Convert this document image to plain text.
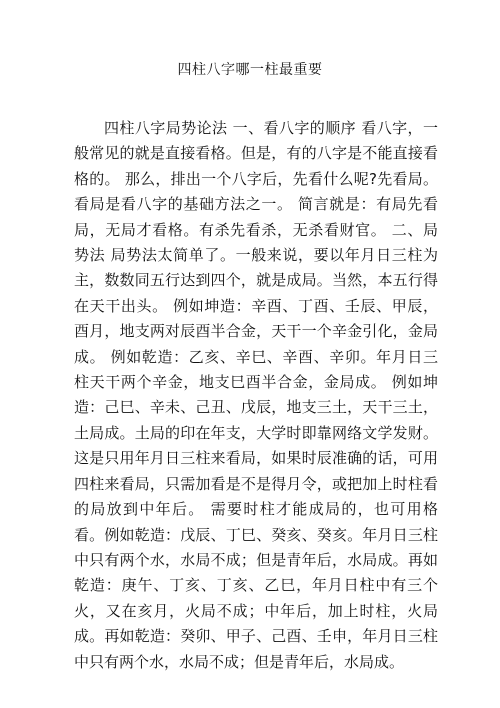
四柱八字哪一柱最重要

四柱八字局势论法 一、看八字的顺序 看八字，一般常见的就是直接看格。但是，有的八字是不能直接看格的。 那么，排出一个八字后，先看什么呢?先看局。 看局是看八字的基础方法之一。 简言就是：有局先看局，无局才看格。有杀先看杀，无杀看财官。 二、局势法 局势法太简单了。一般来说，要以年月日三柱为主，数数同五行达到四个，就是成局。当然，本五行得在天干出头。 例如坤造：辛酉、丁酉、壬辰、甲辰，酉月，地支两对辰酉半合金，天干一个辛金引化，金局成。 例如乾造：乙亥、辛巳、辛酉、辛卯。年月日三柱天干两个辛金，地支巳酉半合金，金局成。 例如坤造：己巳、辛未、己丑、戊辰，地支三土，天干三土，土局成。土局的印在年支，大学时即靠网络文学发财。 这是只用年月日三柱来看局，如果时辰准确的话，可用四柱来看局，只需加看是不是得月令，或把加上时柱看的局放到中年后。 需要时柱才能成局的，也可用格看。例如乾造：戊辰、丁巳、癸亥、癸亥。年月日三柱中只有两个水，水局不成；但是青年后，水局成。再如乾造：庚午、丁亥、丁亥、乙巳，年月日柱中有三个火，又在亥月，火局不成；中年后，加上时柱，火局成。再如乾造：癸卯、甲子、己酉、壬申，年月日三柱中只有两个水，水局不成；但是青年后，水局成。
